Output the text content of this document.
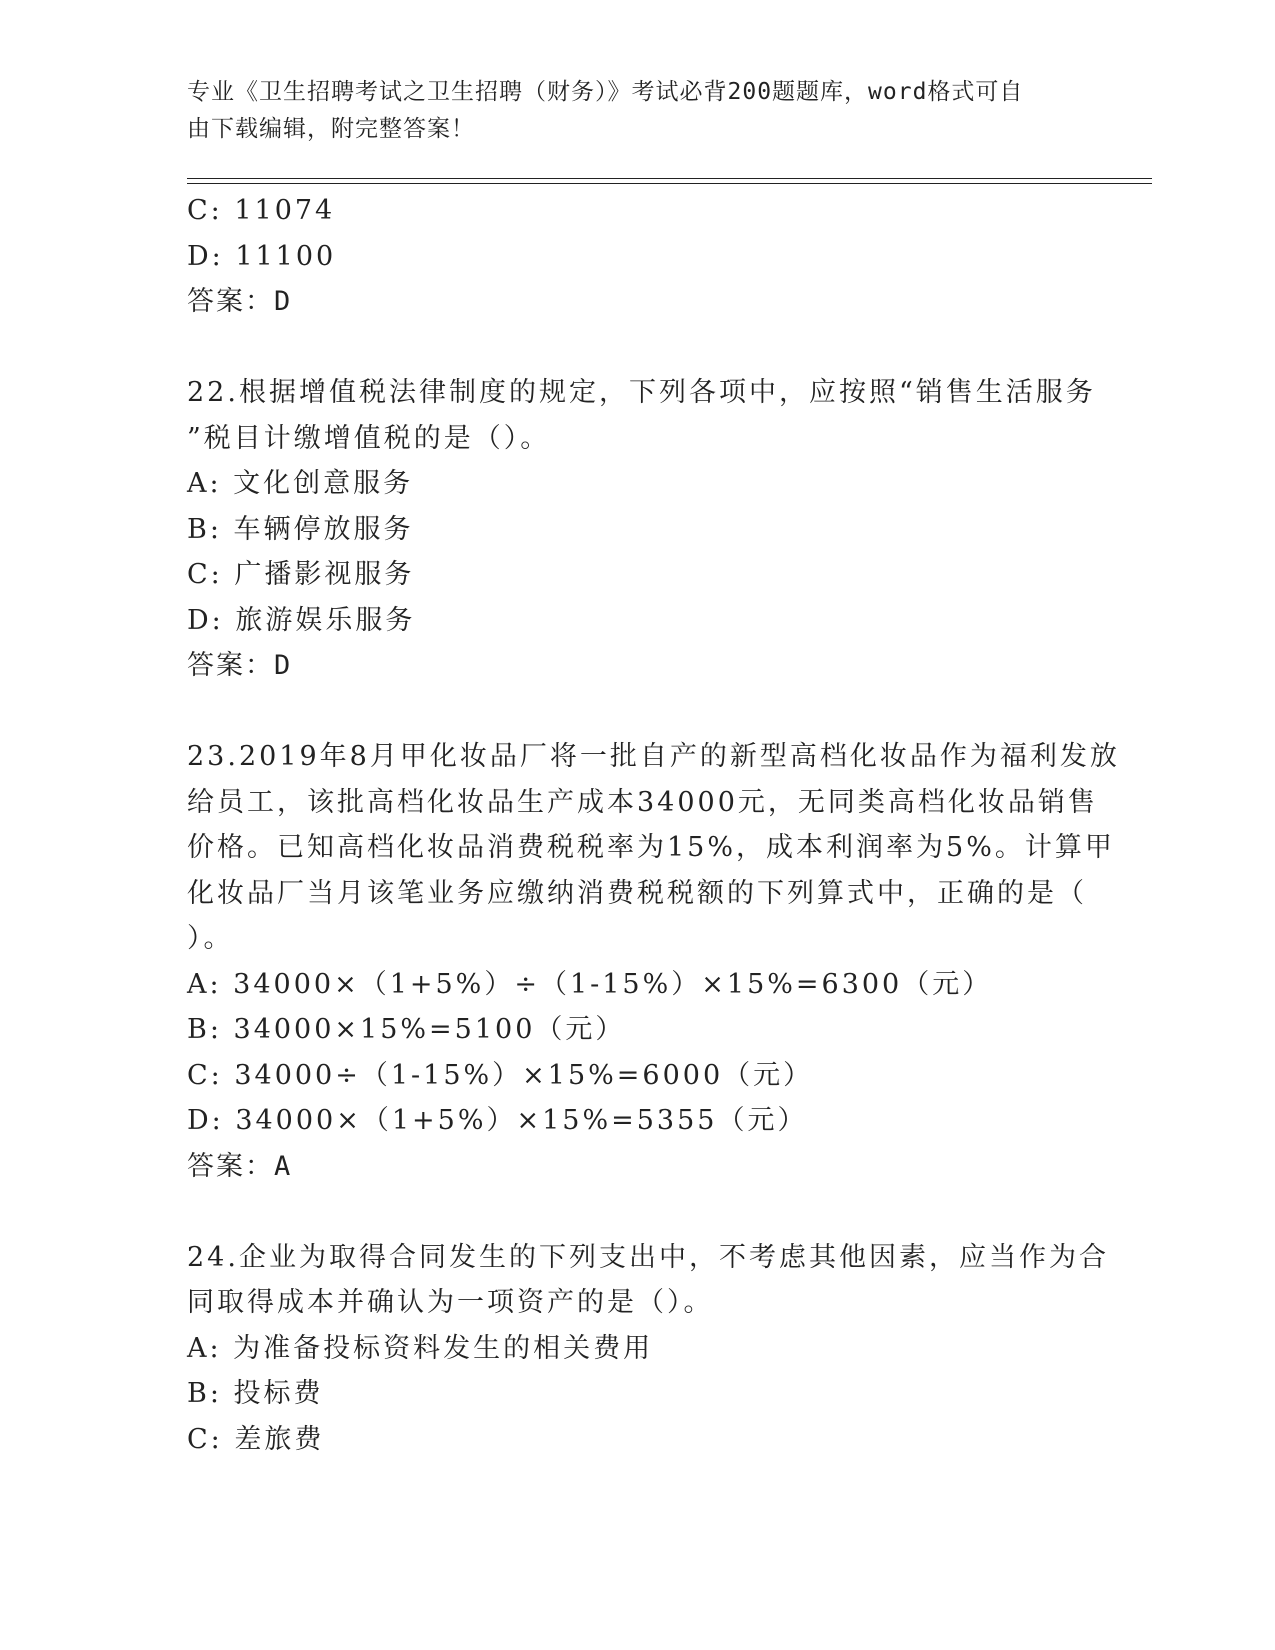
专业《卫生招聘考试之卫生招聘（财务）》考试必背200题题库，word格式可自
由下载编辑，附完整答案！

C: 11074

D: 11100

答案：D

22.根据增值税法律制度的规定，下列各项中，应按照“销售生活服务

”税目计缴增值税的是（）。

A: 文化创意服务

B: 车辆停放服务

C: 广播影视服务

D: 旅游娱乐服务

答案：D

23.2019年8月甲化妆品厂将一批自产的新型高档化妆品作为福利发放

给员工，该批高档化妆品生产成本34000元，无同类高档化妆品销售

价格。已知高档化妆品消费税税率为15%，成本利润率为5%。计算甲

化妆品厂当月该笔业务应缴纳消费税税额的下列算式中，正确的是（

）。

A: 34000×（1+5%）÷（1-15%）×15%=6300（元）

B: 34000×15%=5100（元）

C: 34000÷（1-15%）×15%=6000（元）

D: 34000×（1+5%）×15%=5355（元）

答案：A

24.企业为取得合同发生的下列支出中，不考虑其他因素，应当作为合

同取得成本并确认为一项资产的是（）。

A: 为准备投标资料发生的相关费用

B: 投标费

C: 差旅费
